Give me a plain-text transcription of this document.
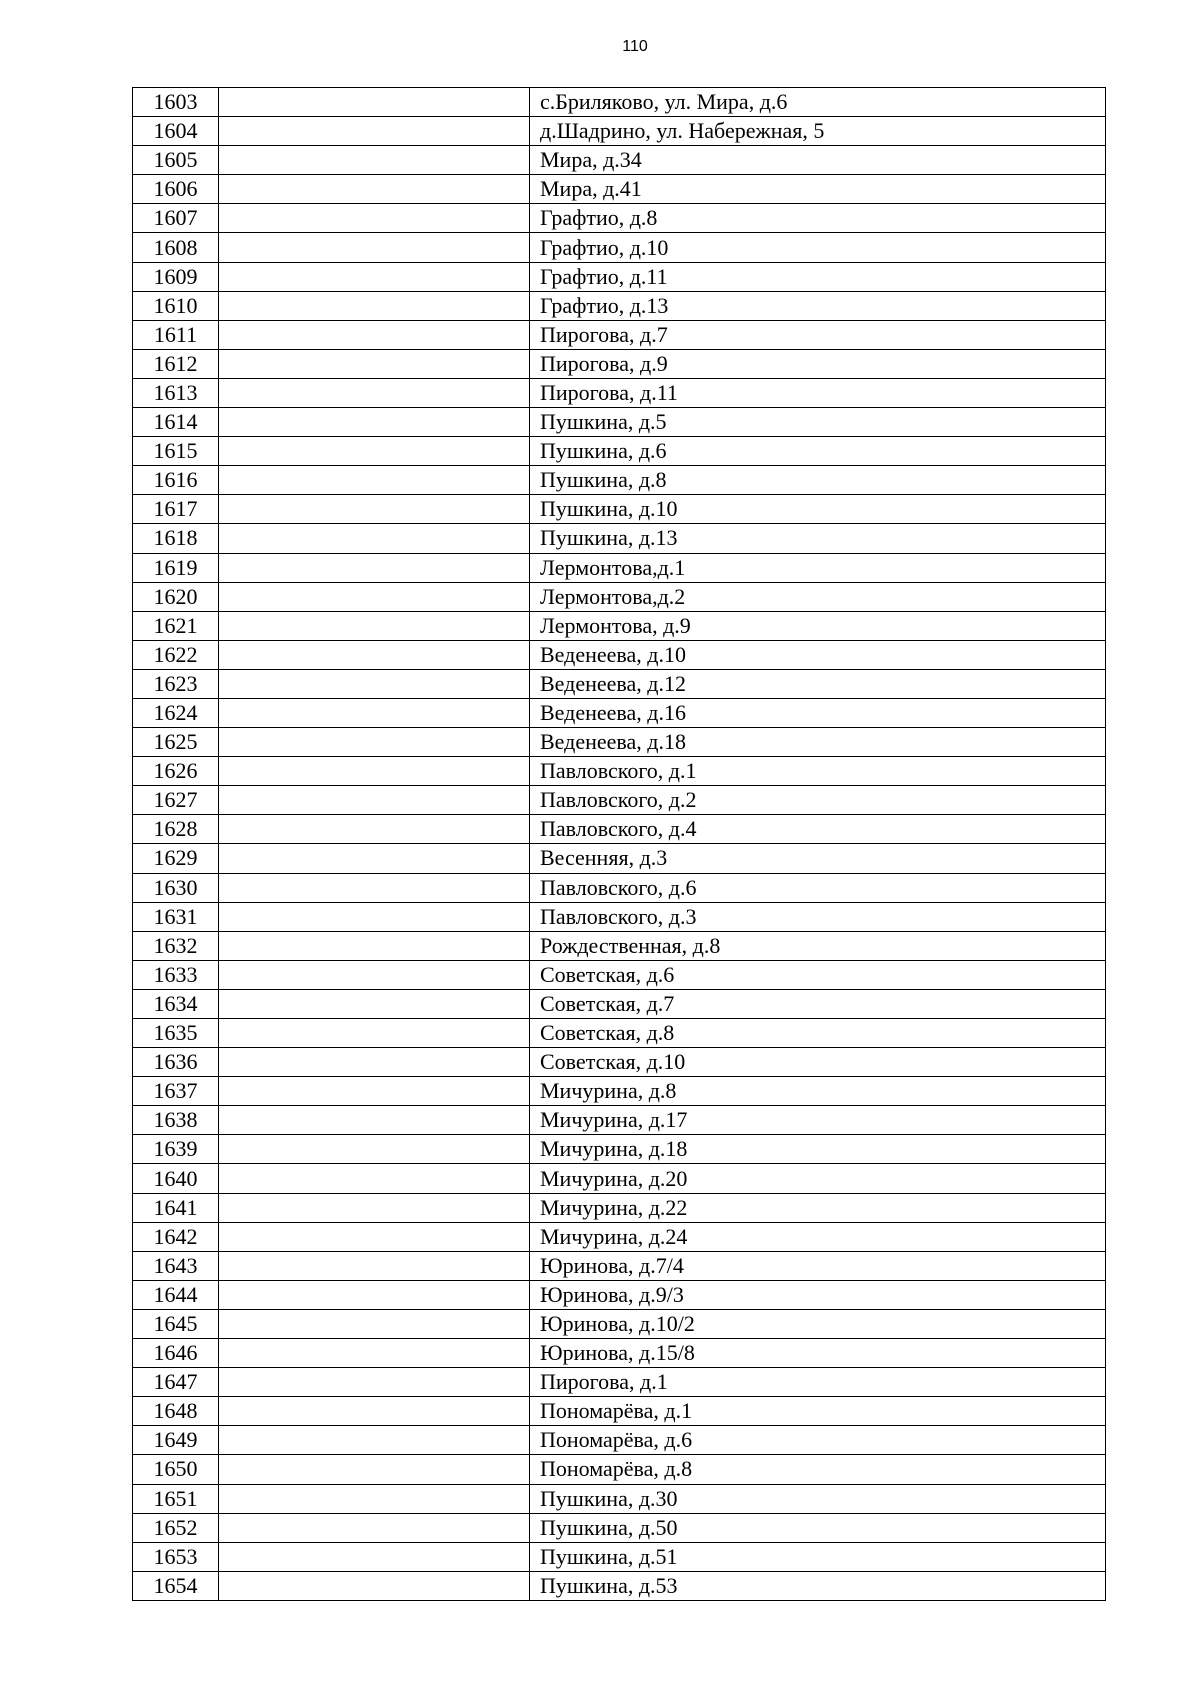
110
1603		с.Бриляково, ул. Мира, д.6
1604		д.Шадрино, ул. Набережная, 5
1605		Мира, д.34
1606		Мира, д.41
1607		Графтио, д.8
1608		Графтио, д.10
1609		Графтио, д.11
1610		Графтио, д.13
1611		Пирогова, д.7
1612		Пирогова, д.9
1613		Пирогова, д.11
1614		Пушкина, д.5
1615		Пушкина, д.6
1616		Пушкина, д.8
1617		Пушкина, д.10
1618		Пушкина, д.13
1619		Лермонтова,д.1
1620		Лермонтова,д.2
1621		Лермонтова, д.9
1622		Веденеева, д.10
1623		Веденеева, д.12
1624		Веденеева, д.16
1625		Веденеева, д.18
1626		Павловского, д.1
1627		Павловского, д.2
1628		Павловского, д.4
1629		Весенняя, д.3
1630		Павловского, д.6
1631		Павловского, д.3
1632		Рождественная, д.8
1633		Советская, д.6
1634		Советская, д.7
1635		Советская, д.8
1636		Советская, д.10
1637		Мичурина, д.8
1638		Мичурина, д.17
1639		Мичурина, д.18
1640		Мичурина, д.20
1641		Мичурина, д.22
1642		Мичурина, д.24
1643		Юринова, д.7/4
1644		Юринова, д.9/3
1645		Юринова, д.10/2
1646		Юринова, д.15/8
1647		Пирогова, д.1
1648		Пономарёва, д.1
1649		Пономарёва, д.6
1650		Пономарёва, д.8
1651		Пушкина, д.30
1652		Пушкина, д.50
1653		Пушкина, д.51
1654		Пушкина, д.53
